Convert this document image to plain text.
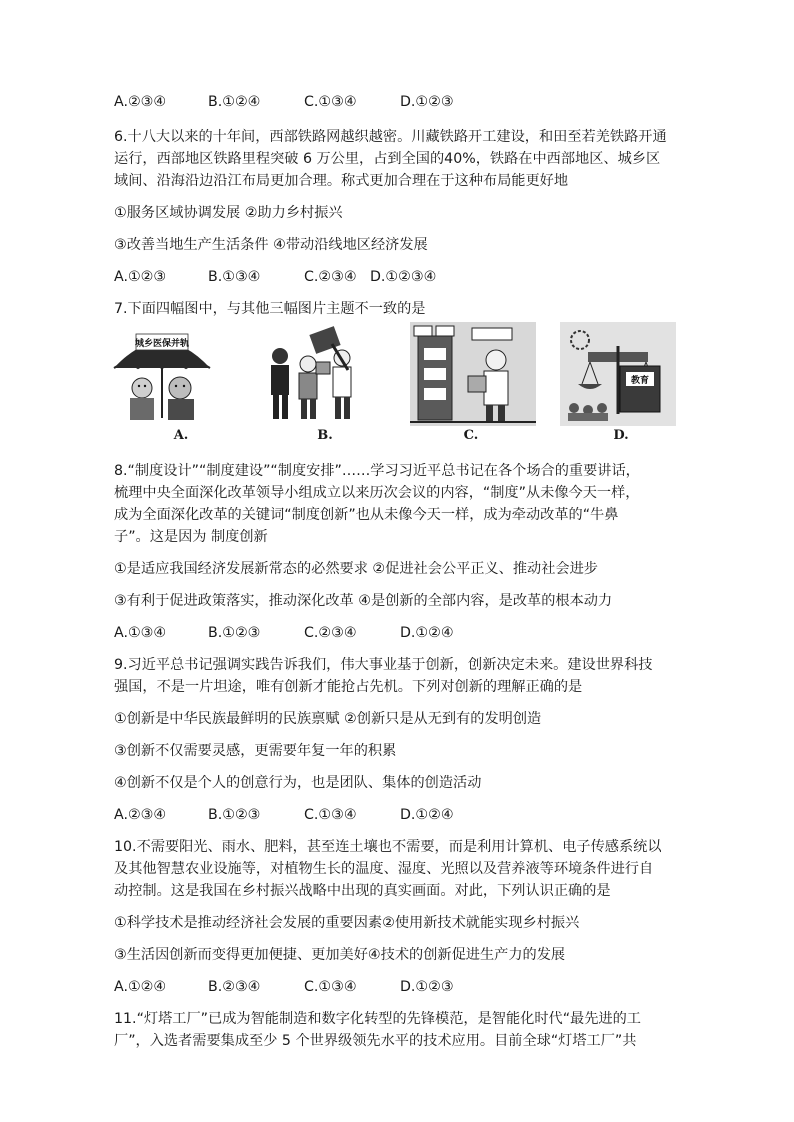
A.②③④	B.①②④	C.①③④	D.①②③
6.十八大以来的十年间，西部铁路网越织越密。川藏铁路开工建设，和田至若羌铁路开通
运行，西部地区铁路里程突破 6 万公里，占到全国的40%，铁路在中西部地区、城乡区
域间、沿海沿边沿江布局更加合理。称式更加合理在于这种布局能更好地
①服务区域协调发展 ②助力乡村振兴
③改善当地生产生活条件 ④带动沿线地区经济发展
A.①②③	B.①③④	C.②③④ D.①②③④
7.下面四幅图中，与其他三幅图片主题不一致的是
城乡医保并轨
教育
A.	B.	C.	D.
8.“制度设计”“制度建设”“制度安排”……学习习近平总书记在各个场合的重要讲话，
梳理中央全面深化改革领导小组成立以来历次会议的内容，“制度”从未像今天一样，
成为全面深化改革的关键词“制度创新”也从未像今天一样，成为牵动改革的“牛鼻
子”。这是因为 制度创新
①是适应我国经济发展新常态的必然要求 ②促进社会公平正义、推动社会进步
③有利于促进政策落实，推动深化改革 ④是创新的全部内容，是改革的根本动力
A.①③④	B.①②③	C.②③④	D.①②④
9.习近平总书记强调实践告诉我们，伟大事业基于创新，创新决定未来。建设世界科技
强国，不是一片坦途，唯有创新才能抢占先机。下列对创新的理解正确的是
①创新是中华民族最鲜明的民族禀赋 ②创新只是从无到有的发明创造
③创新不仅需要灵感，更需要年复一年的积累
④创新不仅是个人的创意行为，也是团队、集体的创造活动
A.②③④	B.①②③	C.①③④	D.①②④
10.不需要阳光、雨水、肥料，甚至连土壤也不需要，而是利用计算机、电子传感系统以
及其他智慧农业设施等，对植物生长的温度、湿度、光照以及营养液等环境条件进行自
动控制。这是我国在乡村振兴战略中出现的真实画面。对此，下列认识正确的是
①科学技术是推动经济社会发展的重要因素②使用新技术就能实现乡村振兴
③生活因创新而变得更加便捷、更加美好④技术的创新促进生产力的发展
A.①②④	B.②③④	C.①③④	D.①②③
11.“灯塔工厂”已成为智能制造和数字化转型的先锋模范，是智能化时代“最先进的工
厂”，入选者需要集成至少 5 个世界级领先水平的技术应用。目前全球“灯塔工厂”共
